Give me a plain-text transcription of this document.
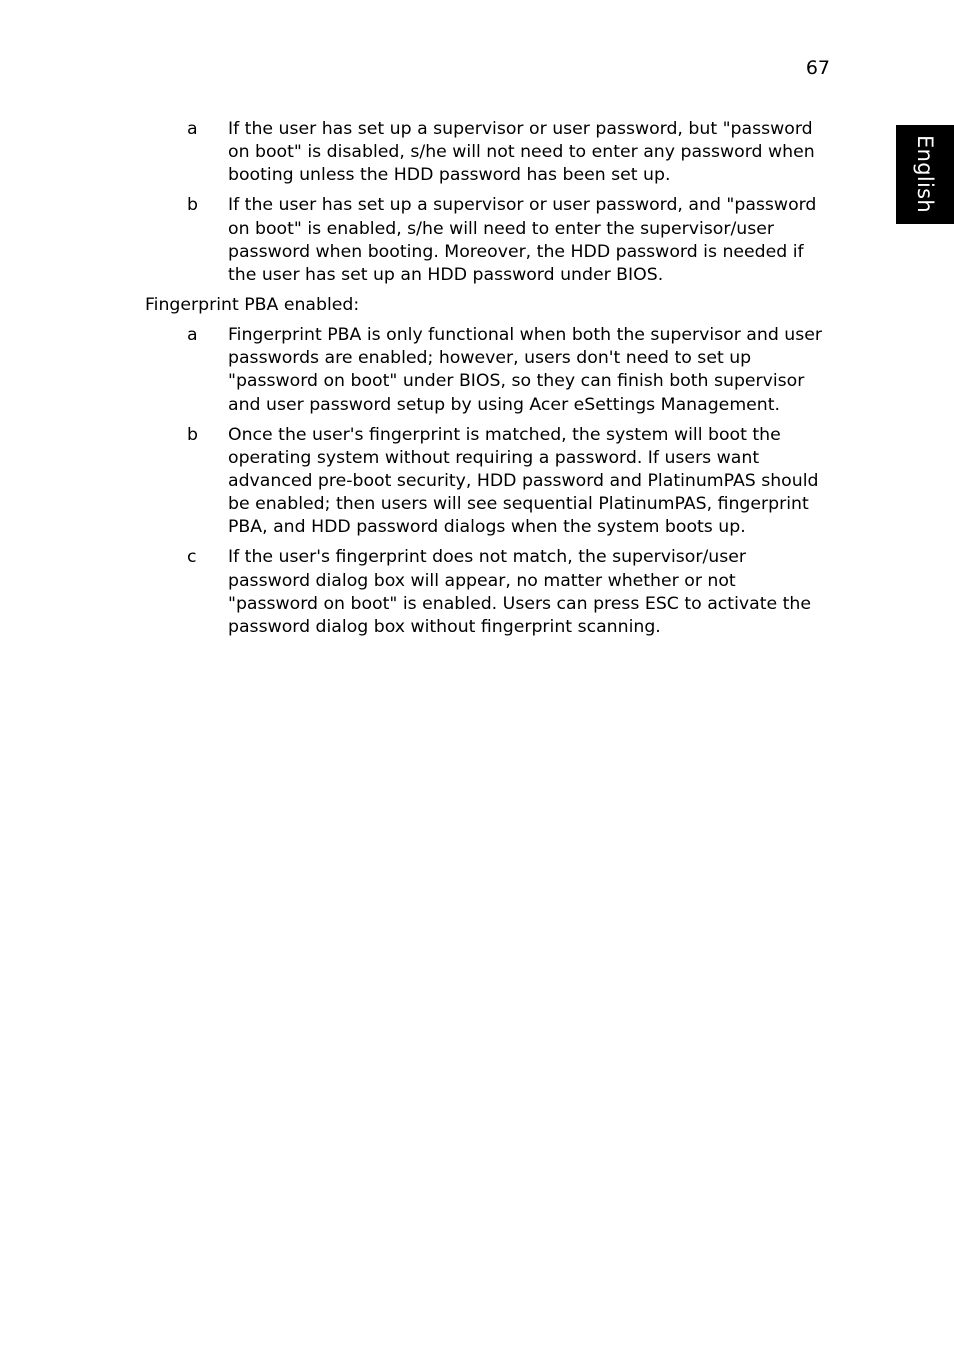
67
English
a If the user has set up a supervisor or user password, but "password on boot" is disabled, s/he will not need to enter any password when booting unless the HDD password has been set up.
b If the user has set up a supervisor or user password, and "password on boot" is enabled, s/he will need to enter the supervisor/user password when booting. Moreover, the HDD password is needed if the user has set up an HDD password under BIOS.

Fingerprint PBA enabled:

a Fingerprint PBA is only functional when both the supervisor and user passwords are enabled; however, users don't need to set up "password on boot" under BIOS, so they can finish both supervisor and user password setup by using Acer eSettings Management.
b Once the user's fingerprint is matched, the system will boot the operating system without requiring a password. If users want advanced pre-boot security, HDD password and PlatinumPAS should be enabled; then users will see sequential PlatinumPAS, fingerprint PBA, and HDD password dialogs when the system boots up.
c If the user's fingerprint does not match, the supervisor/user password dialog box will appear, no matter whether or not "password on boot" is enabled. Users can press ESC to activate the password dialog box without fingerprint scanning.
